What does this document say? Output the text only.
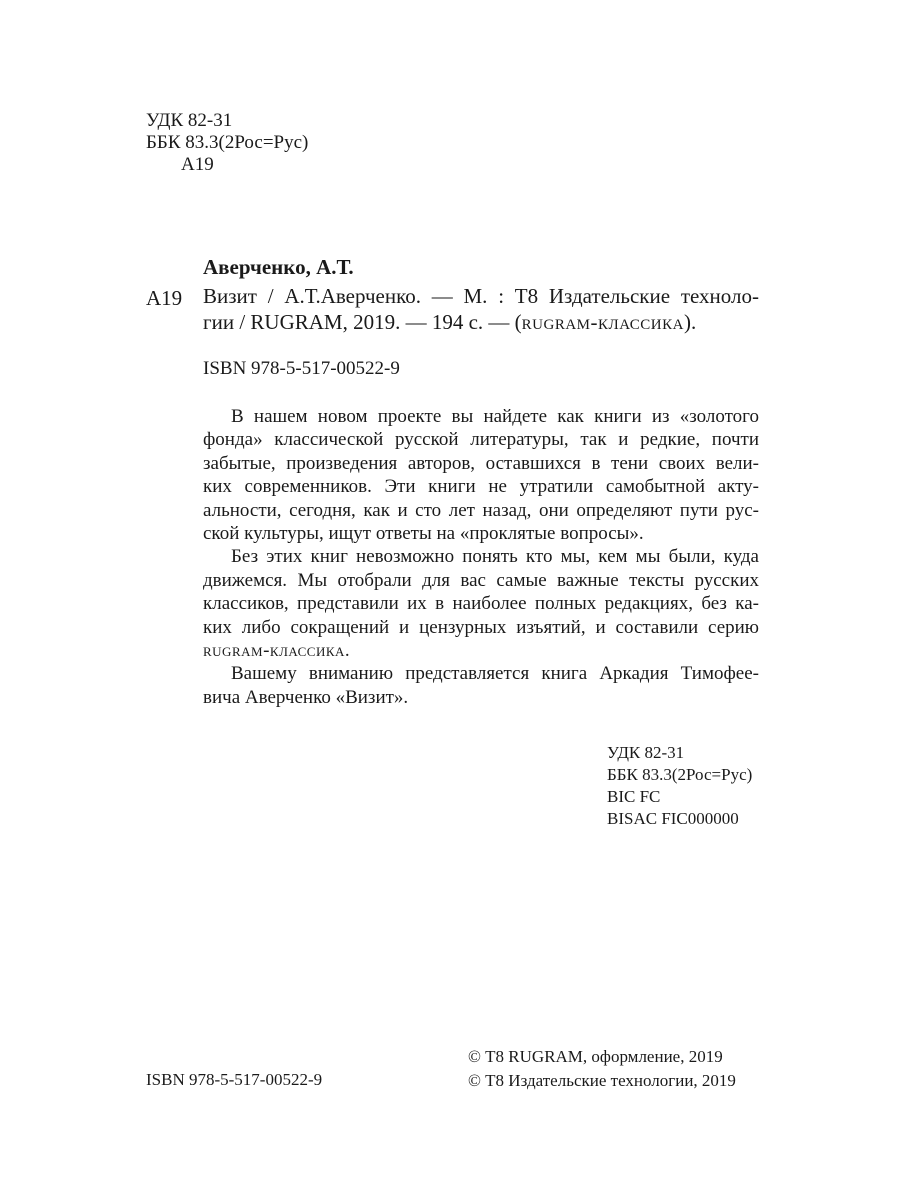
УДК 82-31
ББК 83.3(2Рос=Рус)
А19
Аверченко, А.Т.
А19 Визит / А.Т.Аверченко. — М. : Т8 Издательские техноло-
гии / RUGRAM, 2019. — 194 с. — (rugram-классика).
ISBN 978-5-517-00522-9
В нашем новом проекте вы найдете как книги из «золотого
фонда» классической русской литературы, так и редкие, почти
забытые, произведения авторов, оставшихся в тени своих вели-
ких современников. Эти книги не утратили самобытной акту-
альности, сегодня, как и сто лет назад, они определяют пути рус-
ской культуры, ищут ответы на «проклятые вопросы».
Без этих книг невозможно понять кто мы, кем мы были, куда
движемся. Мы отобрали для вас самые важные тексты русских
классиков, представили их в наиболее полных редакциях, без ка-
ких либо сокращений и цензурных изъятий, и составили серию
rugram-классика.
Вашему вниманию представляется книга Аркадия Тимофее-
вича Аверченко «Визит».
УДК 82-31
ББК 83.3(2Рос=Рус)
BIC FC
BISAC FIC000000
ISBN 978-5-517-00522-9
© Т8 RUGRAM, оформление, 2019
© Т8 Издательские технологии, 2019
